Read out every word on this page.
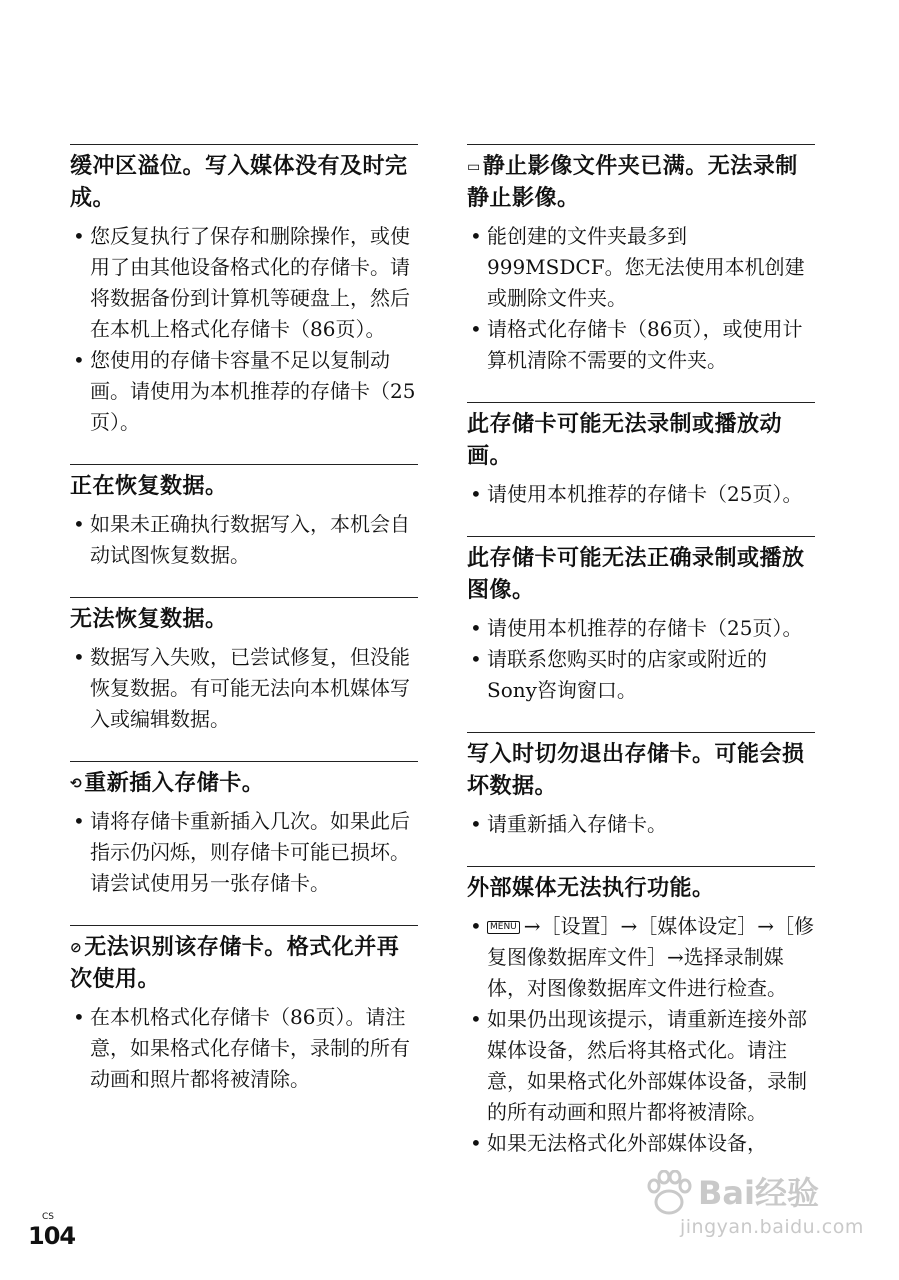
缓冲区溢位。写入媒体没有及时完成。
• 您反复执行了保存和删除操作，或使用了由其他设备格式化的存储卡。请将数据备份到计算机等硬盘上，然后在本机上格式化存储卡（86页）。
• 您使用的存储卡容量不足以复制动画。请使用为本机推荐的存储卡（25页）。
正在恢复数据。
• 如果未正确执行数据写入，本机会自动试图恢复数据。
无法恢复数据。
• 数据写入失败，已尝试修复，但没能恢复数据。有可能无法向本机媒体写入或编辑数据。
⟲重新插入存储卡。
• 请将存储卡重新插入几次。如果此后指示仍闪烁，则存储卡可能已损坏。请尝试使用另一张存储卡。
⊘无法识别该存储卡。格式化并再次使用。
• 在本机格式化存储卡（86页）。请注意，如果格式化存储卡，录制的所有动画和照片都将被清除。
▭静止影像文件夹已满。无法录制静止影像。
• 能创建的文件夹最多到999MSDCF。您无法使用本机创建或删除文件夹。
• 请格式化存储卡（86页），或使用计算机清除不需要的文件夹。
此存储卡可能无法录制或播放动画。
• 请使用本机推荐的存储卡（25页）。
此存储卡可能无法正确录制或播放图像。
• 请使用本机推荐的存储卡（25页）。
• 请联系您购买时的店家或附近的Sony咨询窗口。
写入时切勿退出存储卡。可能会损坏数据。
• 请重新插入存储卡。
外部媒体无法执行功能。
• MENU →［设置］→［媒体设定］→［修复图像数据库文件］→选择录制媒体，对图像数据库文件进行检查。
• 如果仍出现该提示，请重新连接外部媒体设备，然后将其格式化。请注意，如果格式化外部媒体设备，录制的所有动画和照片都将被清除。
• 如果无法格式化外部媒体设备，
CS
104
Bai经验
jingyan.baidu.com
